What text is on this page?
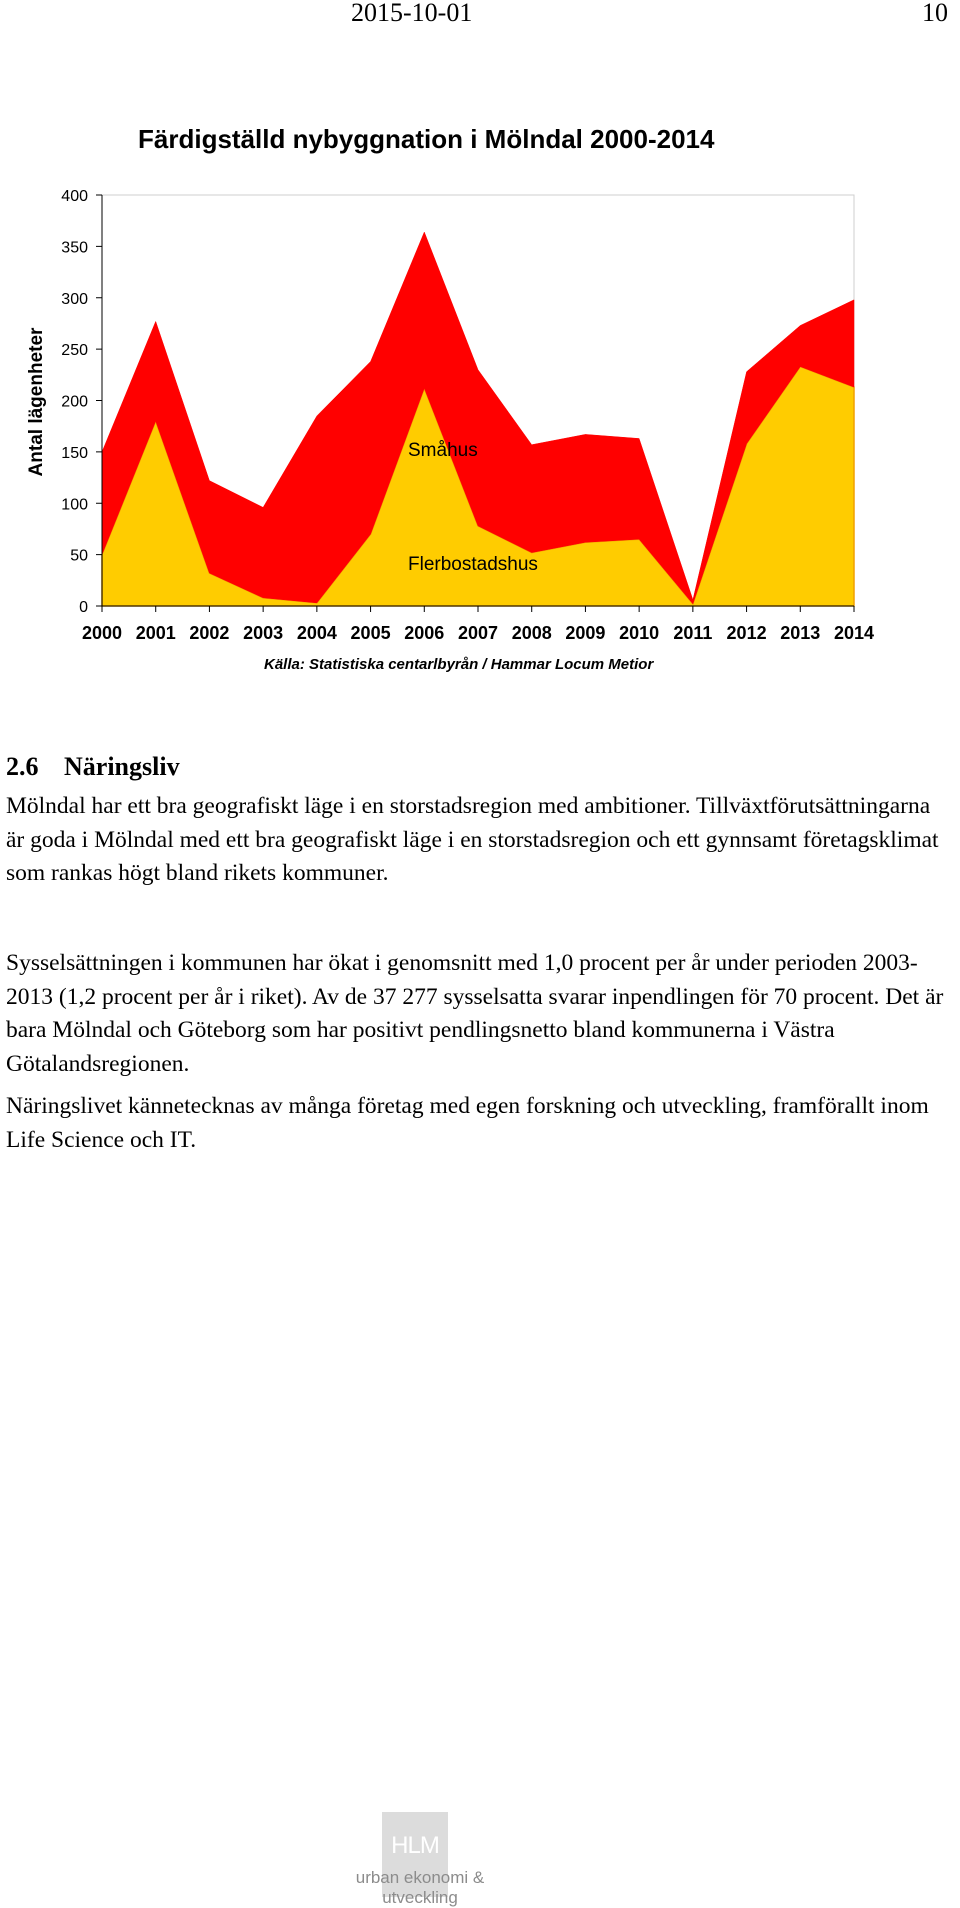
2015-10-01	10
Färdigställd nybyggnation i Mölndal 2000-2014
0
50
100
150
200
250
300
350
400
2000 2001 2002 2003 2004 2005 2006 2007 2008 2009 2010 2011 2012 2013 2014
Antal lägenheter
Flerbostadshus
Småhus
Källa: Statistiska centarlbyrån / Hammar Locum Metior
2.6 Näringsliv

Mölndal har ett bra geografiskt läge i en storstadsregion med ambitioner. Tillväxtförutsättningarna är goda i Mölndal med ett bra geografiskt läge i en storstadsregion och ett gynnsamt företagsklimat som rankas högt bland rikets kommuner.

Sysselsättningen i kommunen har ökat i genomsnitt med 1,0 procent per år under perioden 2003-2013 (1,2 procent per år i riket). Av de 37 277 sysselsatta svarar inpendlingen för 70 procent. Det är bara Mölndal och Göteborg som har positivt pendlingsnetto bland kommunerna i Västra Götalandsregionen.

Näringslivet kännetecknas av många företag med egen forskning och utveckling, framförallt inom Life Science och IT.

HLM
urban ekonomi & utveckling
